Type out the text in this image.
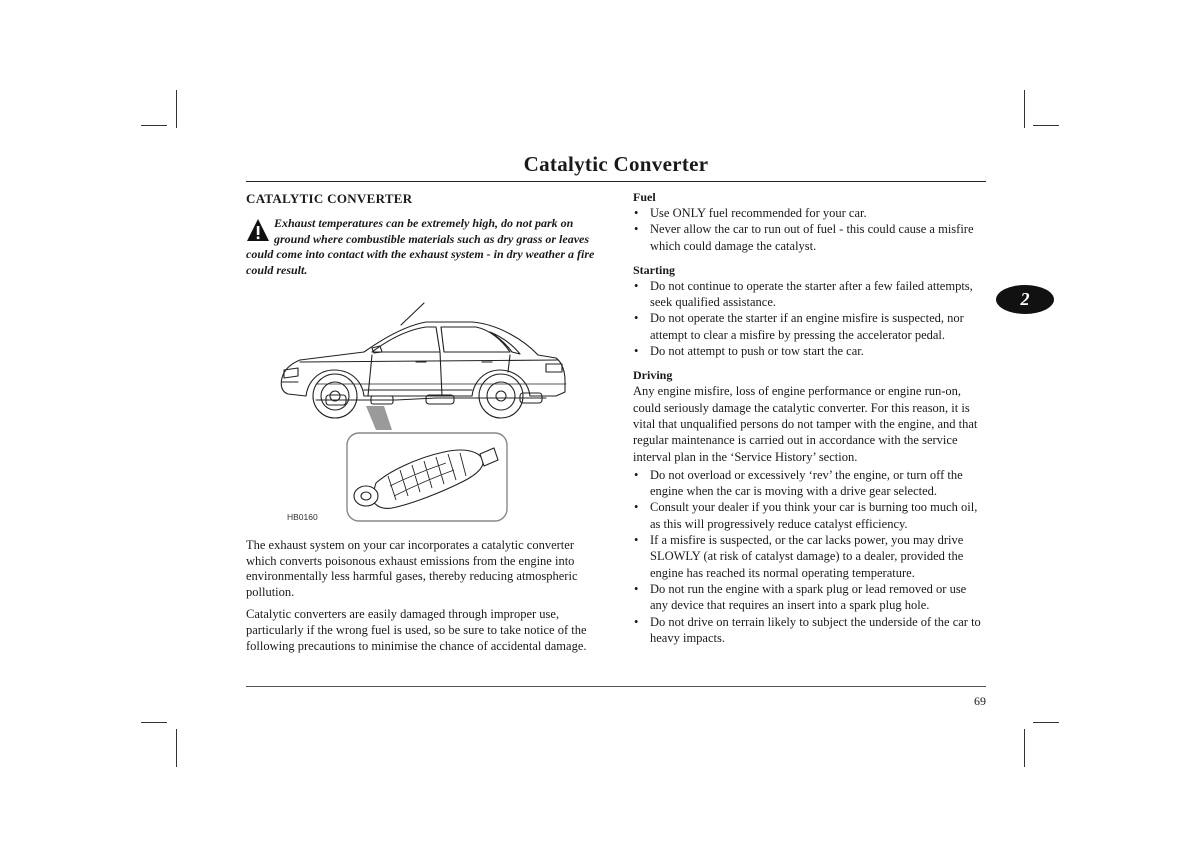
Catalytic Converter
2
CATALYTIC CONVERTER
Exhaust temperatures can be extremely high, do not park on ground where combustible materials such as dry grass or leaves could come into contact with the exhaust system - in dry weather a fire could result.
HB0160

The exhaust system on your car incorporates a catalytic converter which converts poisonous exhaust emissions from the engine into environmentally less harmful gases, thereby reducing atmospheric pollution.

Catalytic converters are easily damaged through improper use, particularly if the wrong fuel is used, so be sure to take notice of the following precautions to minimise the chance of accidental damage.

Fuel

• Use ONLY fuel recommended for your car.
• Never allow the car to run out of fuel - this could cause a misfire which could damage the catalyst.

Starting

• Do not continue to operate the starter after a few failed attempts, seek qualified assistance.
• Do not operate the starter if an engine misfire is suspected, nor attempt to clear a misfire by pressing the accelerator pedal.
• Do not attempt to push or tow start the car.

Driving

Any engine misfire, loss of engine performance or engine run-on, could seriously damage the catalytic converter. For this reason, it is vital that unqualified persons do not tamper with the engine, and that regular maintenance is carried out in accordance with the service interval plan in the ‘Service History’ section.

• Do not overload or excessively ‘rev’ the engine, or turn off the engine when the car is moving with a drive gear selected.
• Consult your dealer if you think your car is burning too much oil, as this will progressively reduce catalyst efficiency.
• If a misfire is suspected, or the car lacks power, you may drive SLOWLY (at risk of catalyst damage) to a dealer, provided the engine has reached its normal operating temperature.
• Do not run the engine with a spark plug or lead removed or use any device that requires an insert into a spark plug hole.
• Do not drive on terrain likely to subject the underside of the car to heavy impacts.
69
